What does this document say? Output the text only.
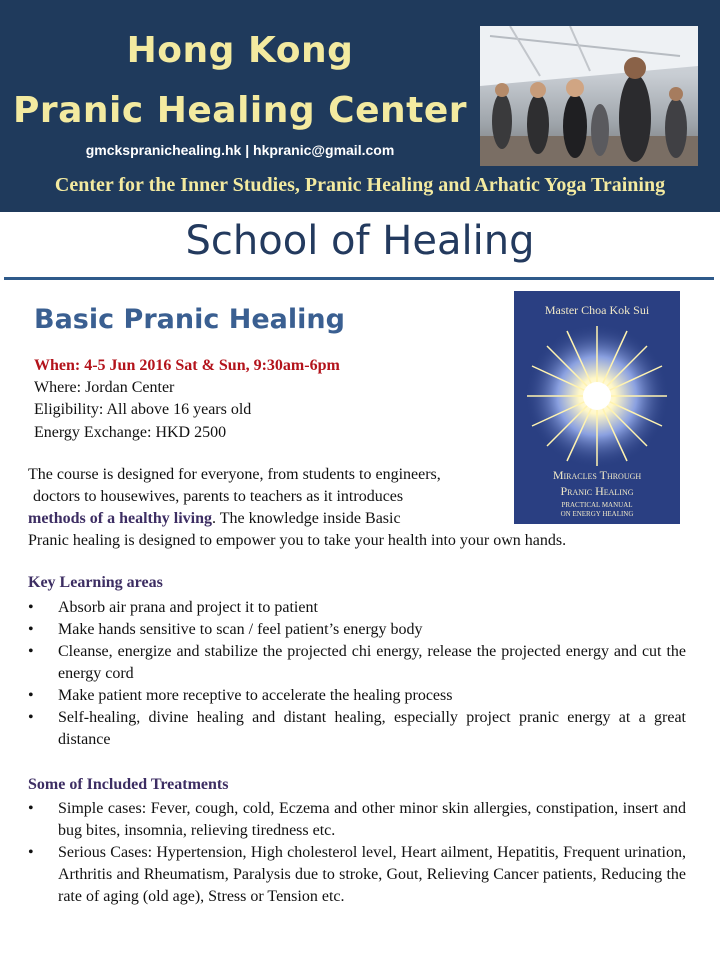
Hong Kong
Pranic Healing Center
gmckspranichealing.hk | hkpranic@gmail.com
Center for the Inner Studies, Pranic Healing and Arhatic Yoga Training
School of Healing
Basic Pranic Healing	Master Choa Kok Sui
Miracles Through
Pranic Healing
PRACTICAL MANUAL
ON ENERGY HEALING
When: 4-5 Jun 2016 Sat & Sun, 9:30am-6pm
Where: Jordan Center
Eligibility: All above 16 years old
Energy Exchange: HKD 2500
The course is designed for everyone, from students to engineers,
doctors to housewives, parents to teachers as it introduces
methods of a healthy living. The knowledge inside Basic
Pranic healing is designed to empower you to take your health into your own hands.
Key Learning areas
• Absorb air prana and project it to patient
• Make hands sensitive to scan / feel patient’s energy body
• Cleanse, energize and stabilize the projected chi energy, release the projected energy and cut the energy cord
• Make patient more receptive to accelerate the healing process
• Self-healing, divine healing and distant healing, especially project pranic energy at a great distance
Some of Included Treatments
• Simple cases: Fever, cough, cold, Eczema and other minor skin allergies, constipation, insert and bug bites, insomnia, relieving tiredness etc.
• Serious Cases: Hypertension, High cholesterol level, Heart ailment, Hepatitis, Frequent urination, Arthritis and Rheumatism, Paralysis due to stroke, Gout, Relieving Cancer patients, Reducing the rate of aging (old age), Stress or Tension etc.
